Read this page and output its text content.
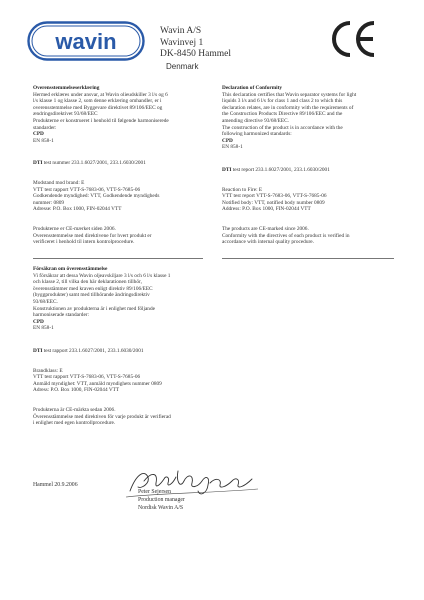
wavin	Wavin A/S
Wavinvej 1
DK-8450 Hammel
Denmark
Overensstemmelseserklæring
Hermed erklæres under ansvar, at Wavin olieudskiller 3 l/s og 6
l/s klasse 1 og klasse 2, som denne erklæring omhandler, er i
overensstemmelse med Byggevare direktivet 89/106/EEC og
ændringsdirektivet 93/68/EEC
Produkterne er konstrueret i henhold til følgende harmoniserede
standarder:
CPD
EN 858-1
DTI test nummer 233.1.6027/2001, 233.1.6030/2001
Modstand mod brand: E
VTT test rapport VTT-S-7683-06, VTT-S-7685-06
Godkendende myndighed: VTT, Godkendende myndigheds
nummer: 0809
Adresse: P.O. Box 1000, FIN-02044 VTT
Produkterne er CE-mærket siden 2006.
Overensstemmelse med direktivene for hvert produkt er
verificeret i henhold til intern kontrolprocedure.
Declaration of Conformity
This declaration certifies that Wavin separator systems for light
liquids 3 l/s and 6 l/s for class 1 and class 2 to which this
declaration relates, are in conformity with the requirements of
the Construction Products Directive 89/106/EEC and the
amending directive 93/68/EEC.
The construction of the product is in accordance with the
following harmonized standards:
CPD
EN 858-1
DTI test report 233.1.6027/2001, 233.1.6030/2001
Reaction to Fire: E
VTT test report VTT-S-7683-06, VTT-S-7685-06
Notified body: VTT, notified body number 0809
Address: P.O. Box 1000, FIN-02044 VTT
The products are CE-marked since 2006.
Conformity with the directives of each product is verified in
accordance with internal quality procedure.
Försäkran om överensstämmelse
Vi försäkrar att dessa Wavin oljeavskiljare 3 l/s och 6 l/s klasse 1
och klasse 2, till vilka den här deklarationen tillhör,
överensstämmer med kraven enligt direktiv 89/106/EEC
(byggprodukter) samt med tillhörande ändringsdirektiv
93/68/EEC.
Konstruktionen av produkterna är i enlighet med följande
harmoniserade standarder:
CPD
EN 858-1
DTI test rapport 233.1.6027/2001, 233.1.6030/2001
Brandklass: E
VTT test rapport VTT-S-7683-06, VTT-S-7685-06
Anmäld myndighet: VTT, anmäld myndighets nummer 0809
Adress: P.O. Box 1000, FIN-02044 VTT
Produkterna är CE-märkta sedan 2006.
Överensstämmelse med direktiven för varje produkt är verifierad
i enlighet med egen kontrollprocedure.
Hammel 20.9.2006
Peter Sejersen
Production manager
Nordisk Wavin A/S
